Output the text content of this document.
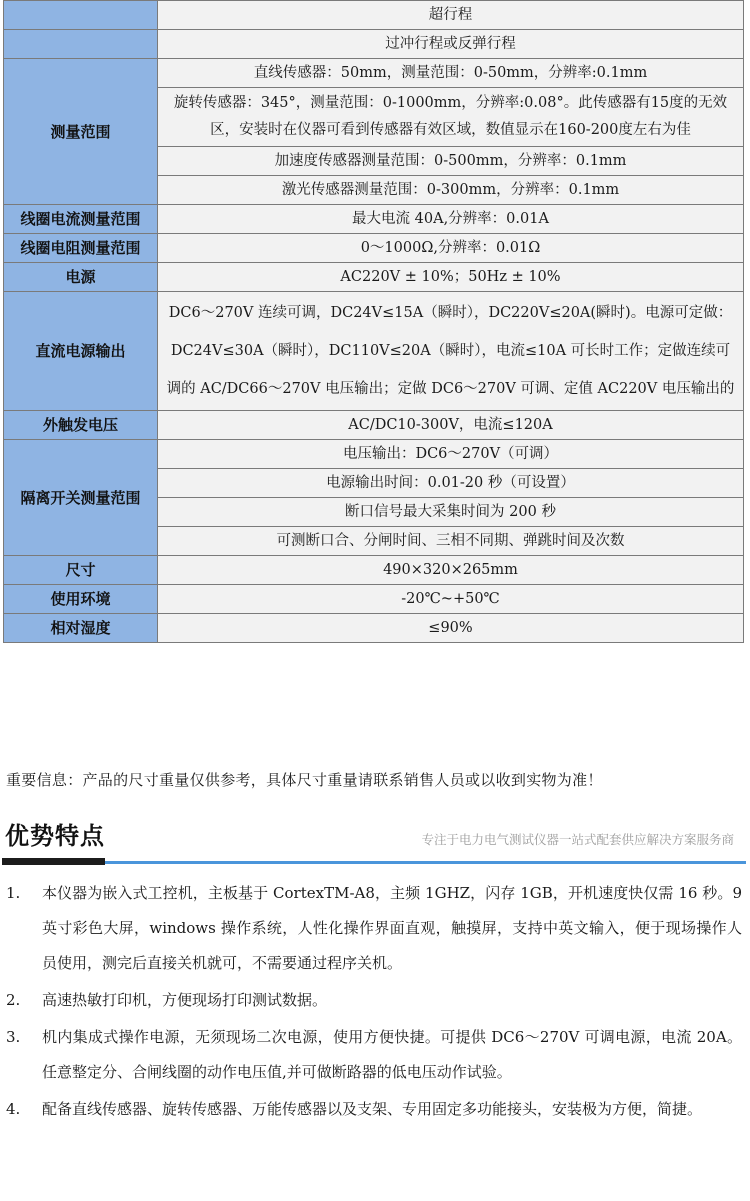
	超行程
	过冲行程或反弹行程
测量范围	直线传感器：50mm，测量范围：0-50mm，分辨率:0.1mm
	旋转传感器：345°，测量范围：0-1000mm，分辨率:0.08°。此传感器有15度的无效区，安装时在仪器可看到传感器有效区域，数值显示在160-200度左右为佳
	加速度传感器测量范围：0-500mm，分辨率：0.1mm
	激光传感器测量范围：0-300mm，分辨率：0.1mm
线圈电流测量范围	最大电流 40A,分辨率：0.01A
线圈电阻测量范围	0～1000Ω,分辨率：0.01Ω
电源	AC220V ± 10%；50Hz ± 10%
直流电源输出	DC6～270V 连续可调，DC24V≤15A（瞬时），DC220V≤20A(瞬时)。电源可定做：DC24V≤30A（瞬时），DC110V≤20A（瞬时），电流≤10A 可长时工作；定做连续可调的 AC/DC66～270V 电压输出；定做 DC6～270V 可调、定值 AC220V 电压输出的
外触发电压	AC/DC10-300V，电流≤120A
隔离开关测量范围	电压输出：DC6～270V（可调）
	电源输出时间：0.01-20 秒（可设置）
	断口信号最大采集时间为 200 秒
	可测断口合、分闸时间、三相不同期、弹跳时间及次数
尺寸	490×320×265mm
使用环境	-20℃~+50℃
相对湿度	≤90%
重要信息：产品的尺寸重量仅供参考，具体尺寸重量请联系销售人员或以收到实物为准！
优势特点	专注于电力电气测试仪器一站式配套供应解决方案服务商
1. 本仪器为嵌入式工控机，主板基于 CortexTM-A8，主频 1GHZ，闪存 1GB，开机速度快仅需 16 秒。9 英寸彩色大屏，windows 操作系统，人性化操作界面直观，触摸屏，支持中英文输入，便于现场操作人员使用，测完后直接关机就可，不需要通过程序关机。
2. 高速热敏打印机，方便现场打印测试数据。
3. 机内集成式操作电源，无须现场二次电源，使用方便快捷。可提供 DC6～270V 可调电源，电流 20A。任意整定分、合闸线圈的动作电压值,并可做断路器的低电压动作试验。
4. 配备直线传感器、旋转传感器、万能传感器以及支架、专用固定多功能接头，安装极为方便，简捷。
